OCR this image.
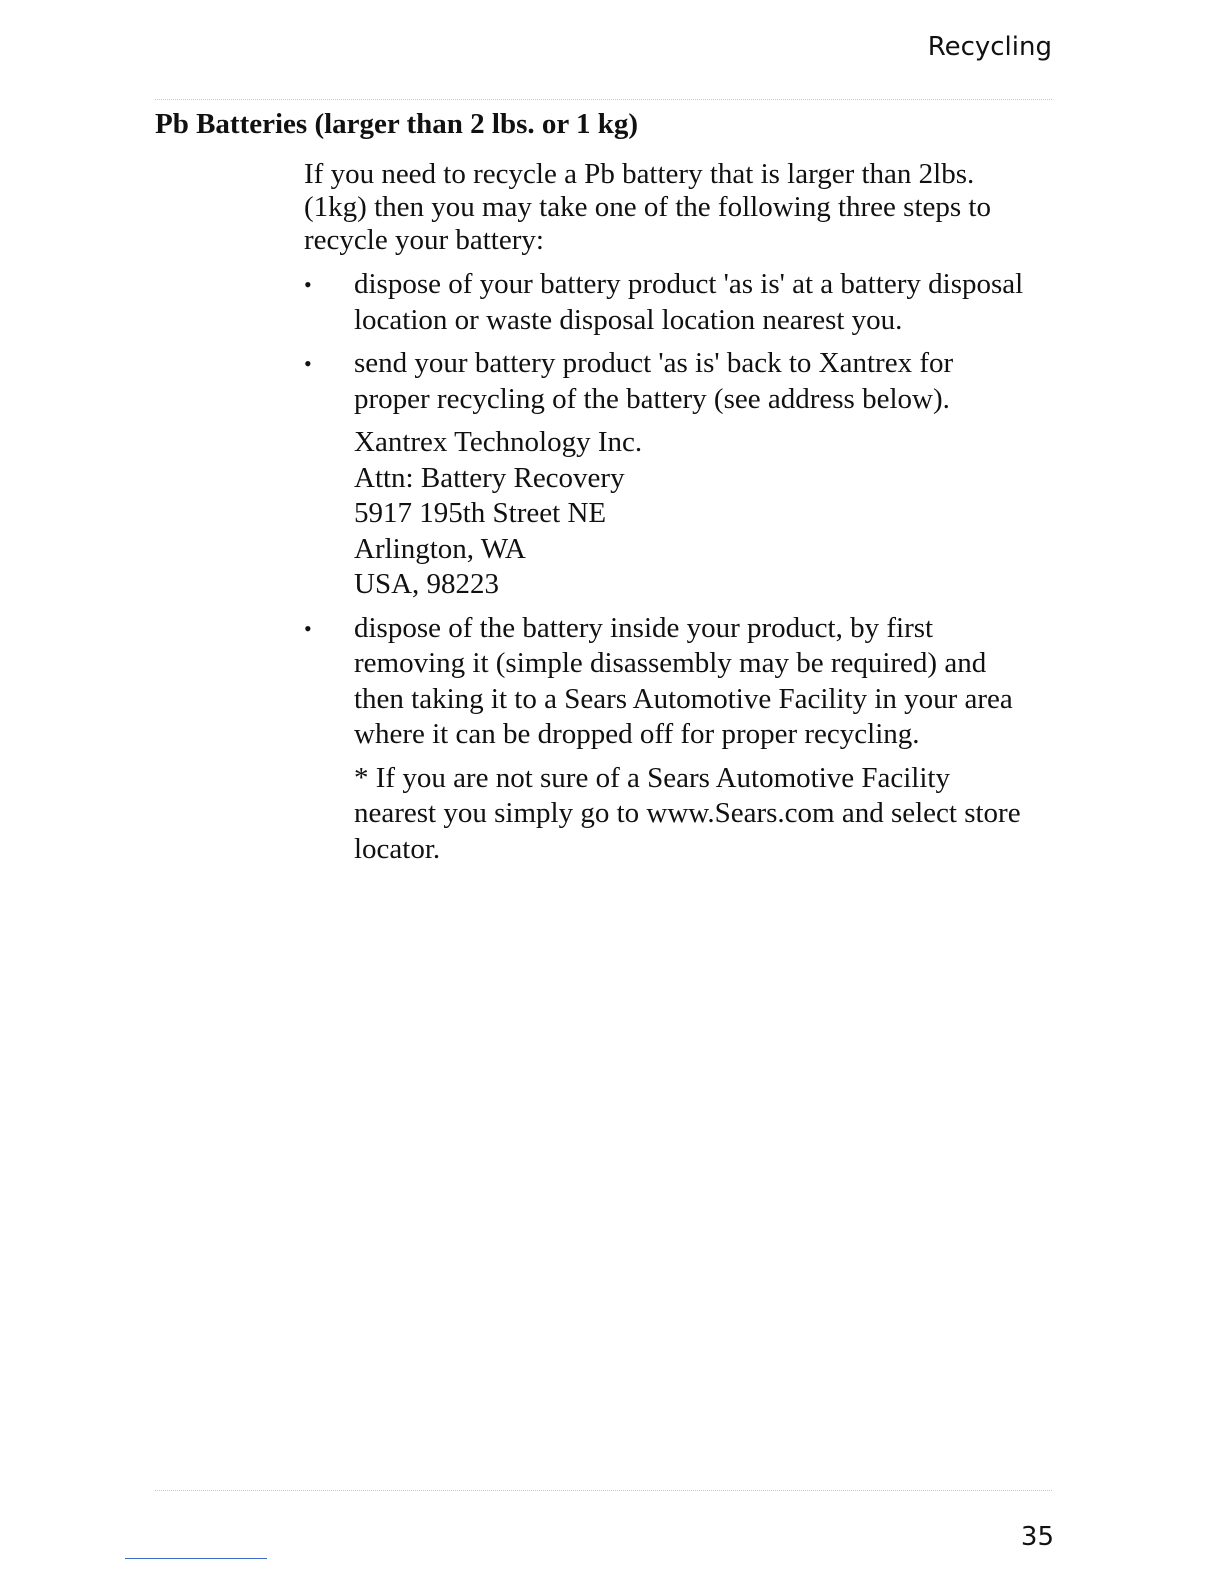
Recycling
Pb Batteries (larger than 2 lbs. or 1 kg)

If you need to recycle a Pb battery that is larger than 2lbs.
(1kg) then you may take one of the following three steps to
recycle your battery:

• dispose of your battery product 'as is' at a battery disposal
location or waste disposal location nearest you.
• send your battery product 'as is' back to Xantrex for
proper recycling of the battery (see address below).
Xantrex Technology Inc.
Attn: Battery Recovery
5917 195th Street NE
Arlington, WA
USA, 98223
• dispose of the battery inside your product, by first
removing it (simple disassembly may be required) and
then taking it to a Sears Automotive Facility in your area
where it can be dropped off for proper recycling.

* If you are not sure of a Sears Automotive Facility
nearest you simply go to www.Sears.com and select store
locator.

35
